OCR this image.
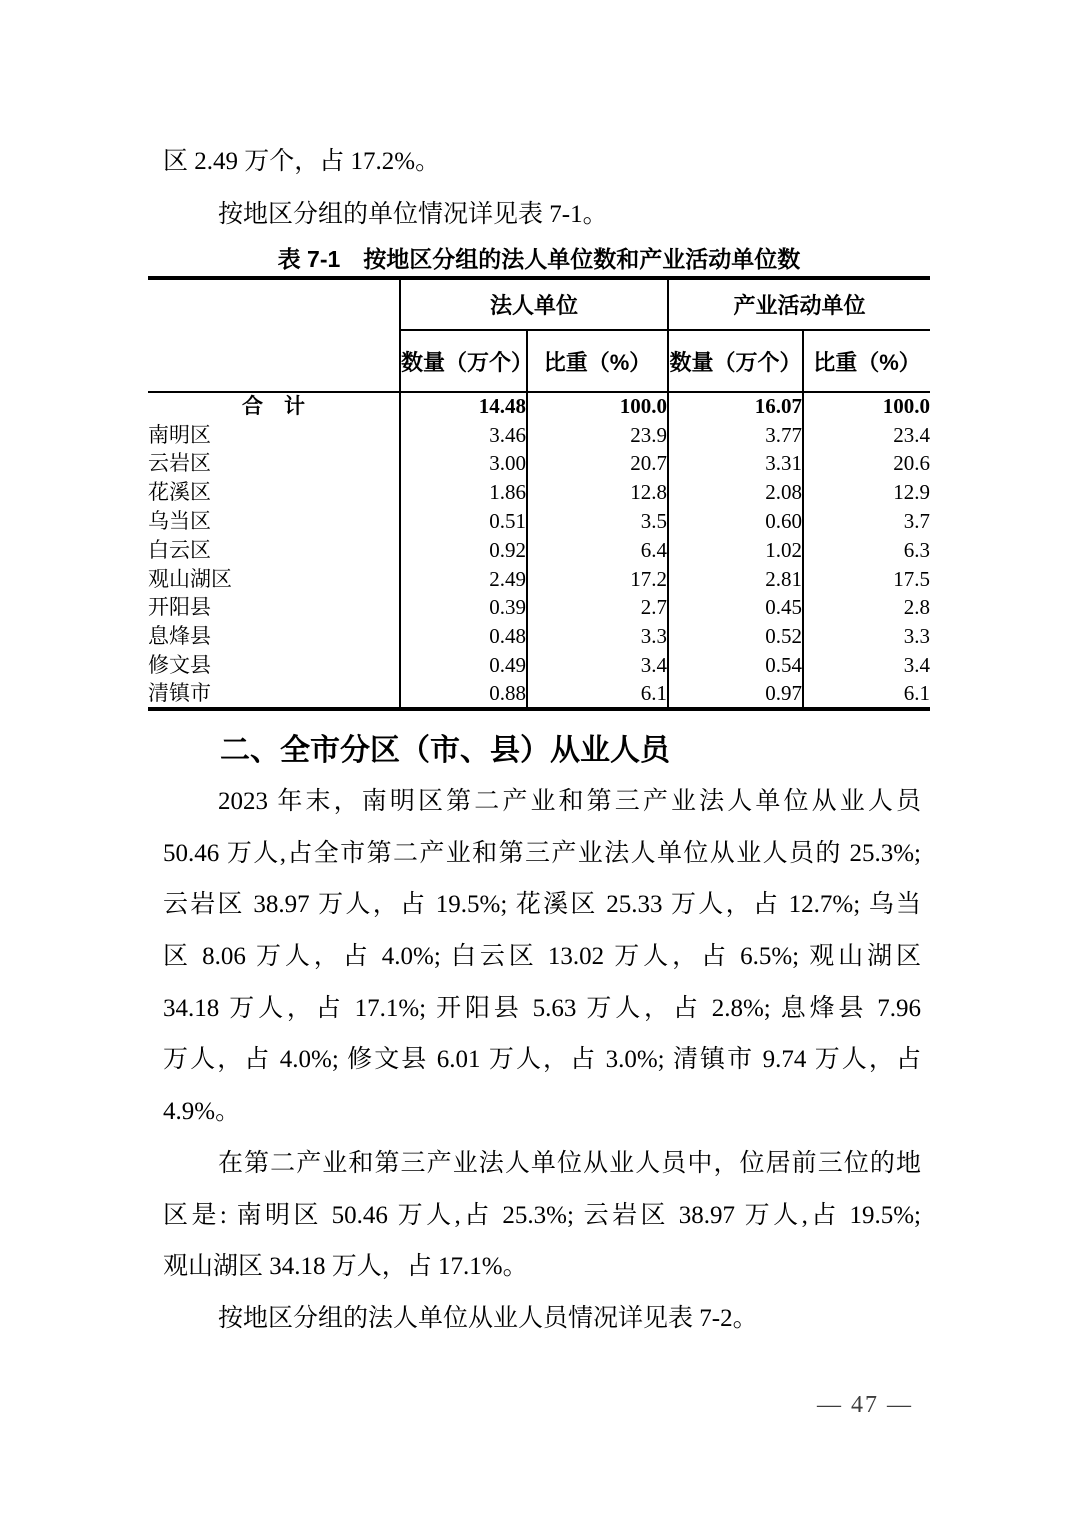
区 2.49 万个，占 17.2%。
按地区分组的单位情况详见表 7-1。
表 7-1　按地区分组的法人单位数和产业活动单位数
	法人单位		产业活动单位	
	数量（万个）	比重（%）	数量（万个）	比重（%）
合　计	14.48	100.0	16.07	100.0
南明区	3.46	23.9	3.77	23.4
云岩区	3.00	20.7	3.31	20.6
花溪区	1.86	12.8	2.08	12.9
乌当区	0.51	3.5	0.60	3.7
白云区	0.92	6.4	1.02	6.3
观山湖区	2.49	17.2	2.81	17.5
开阳县	0.39	2.7	0.45	2.8
息烽县	0.48	3.3	0.52	3.3
修文县	0.49	3.4	0.54	3.4
清镇市	0.88	6.1	0.97	6.1
二、全市分区（市、县）从业人员
2023 年末，南明区第二产业和第三产业法人单位从业人员
50.46 万人,占全市第二产业和第三产业法人单位从业人员的 25.3%;
云岩区 38.97 万人，占 19.5%; 花溪区 25.33 万人，占 12.7%; 乌当
区 8.06 万人，占 4.0%; 白云区 13.02 万人，占 6.5%; 观山湖区
34.18 万人，占 17.1%; 开阳县 5.63 万人，占 2.8%; 息烽县 7.96
万人，占 4.0%; 修文县 6.01 万人，占 3.0%; 清镇市 9.74 万人，占
4.9%。
在第二产业和第三产业法人单位从业人员中，位居前三位的地
区是: 南明区 50.46 万人,占 25.3%; 云岩区 38.97 万人,占 19.5%;
观山湖区 34.18 万人，占 17.1%。
按地区分组的法人单位从业人员情况详见表 7-2。
— 47 —
